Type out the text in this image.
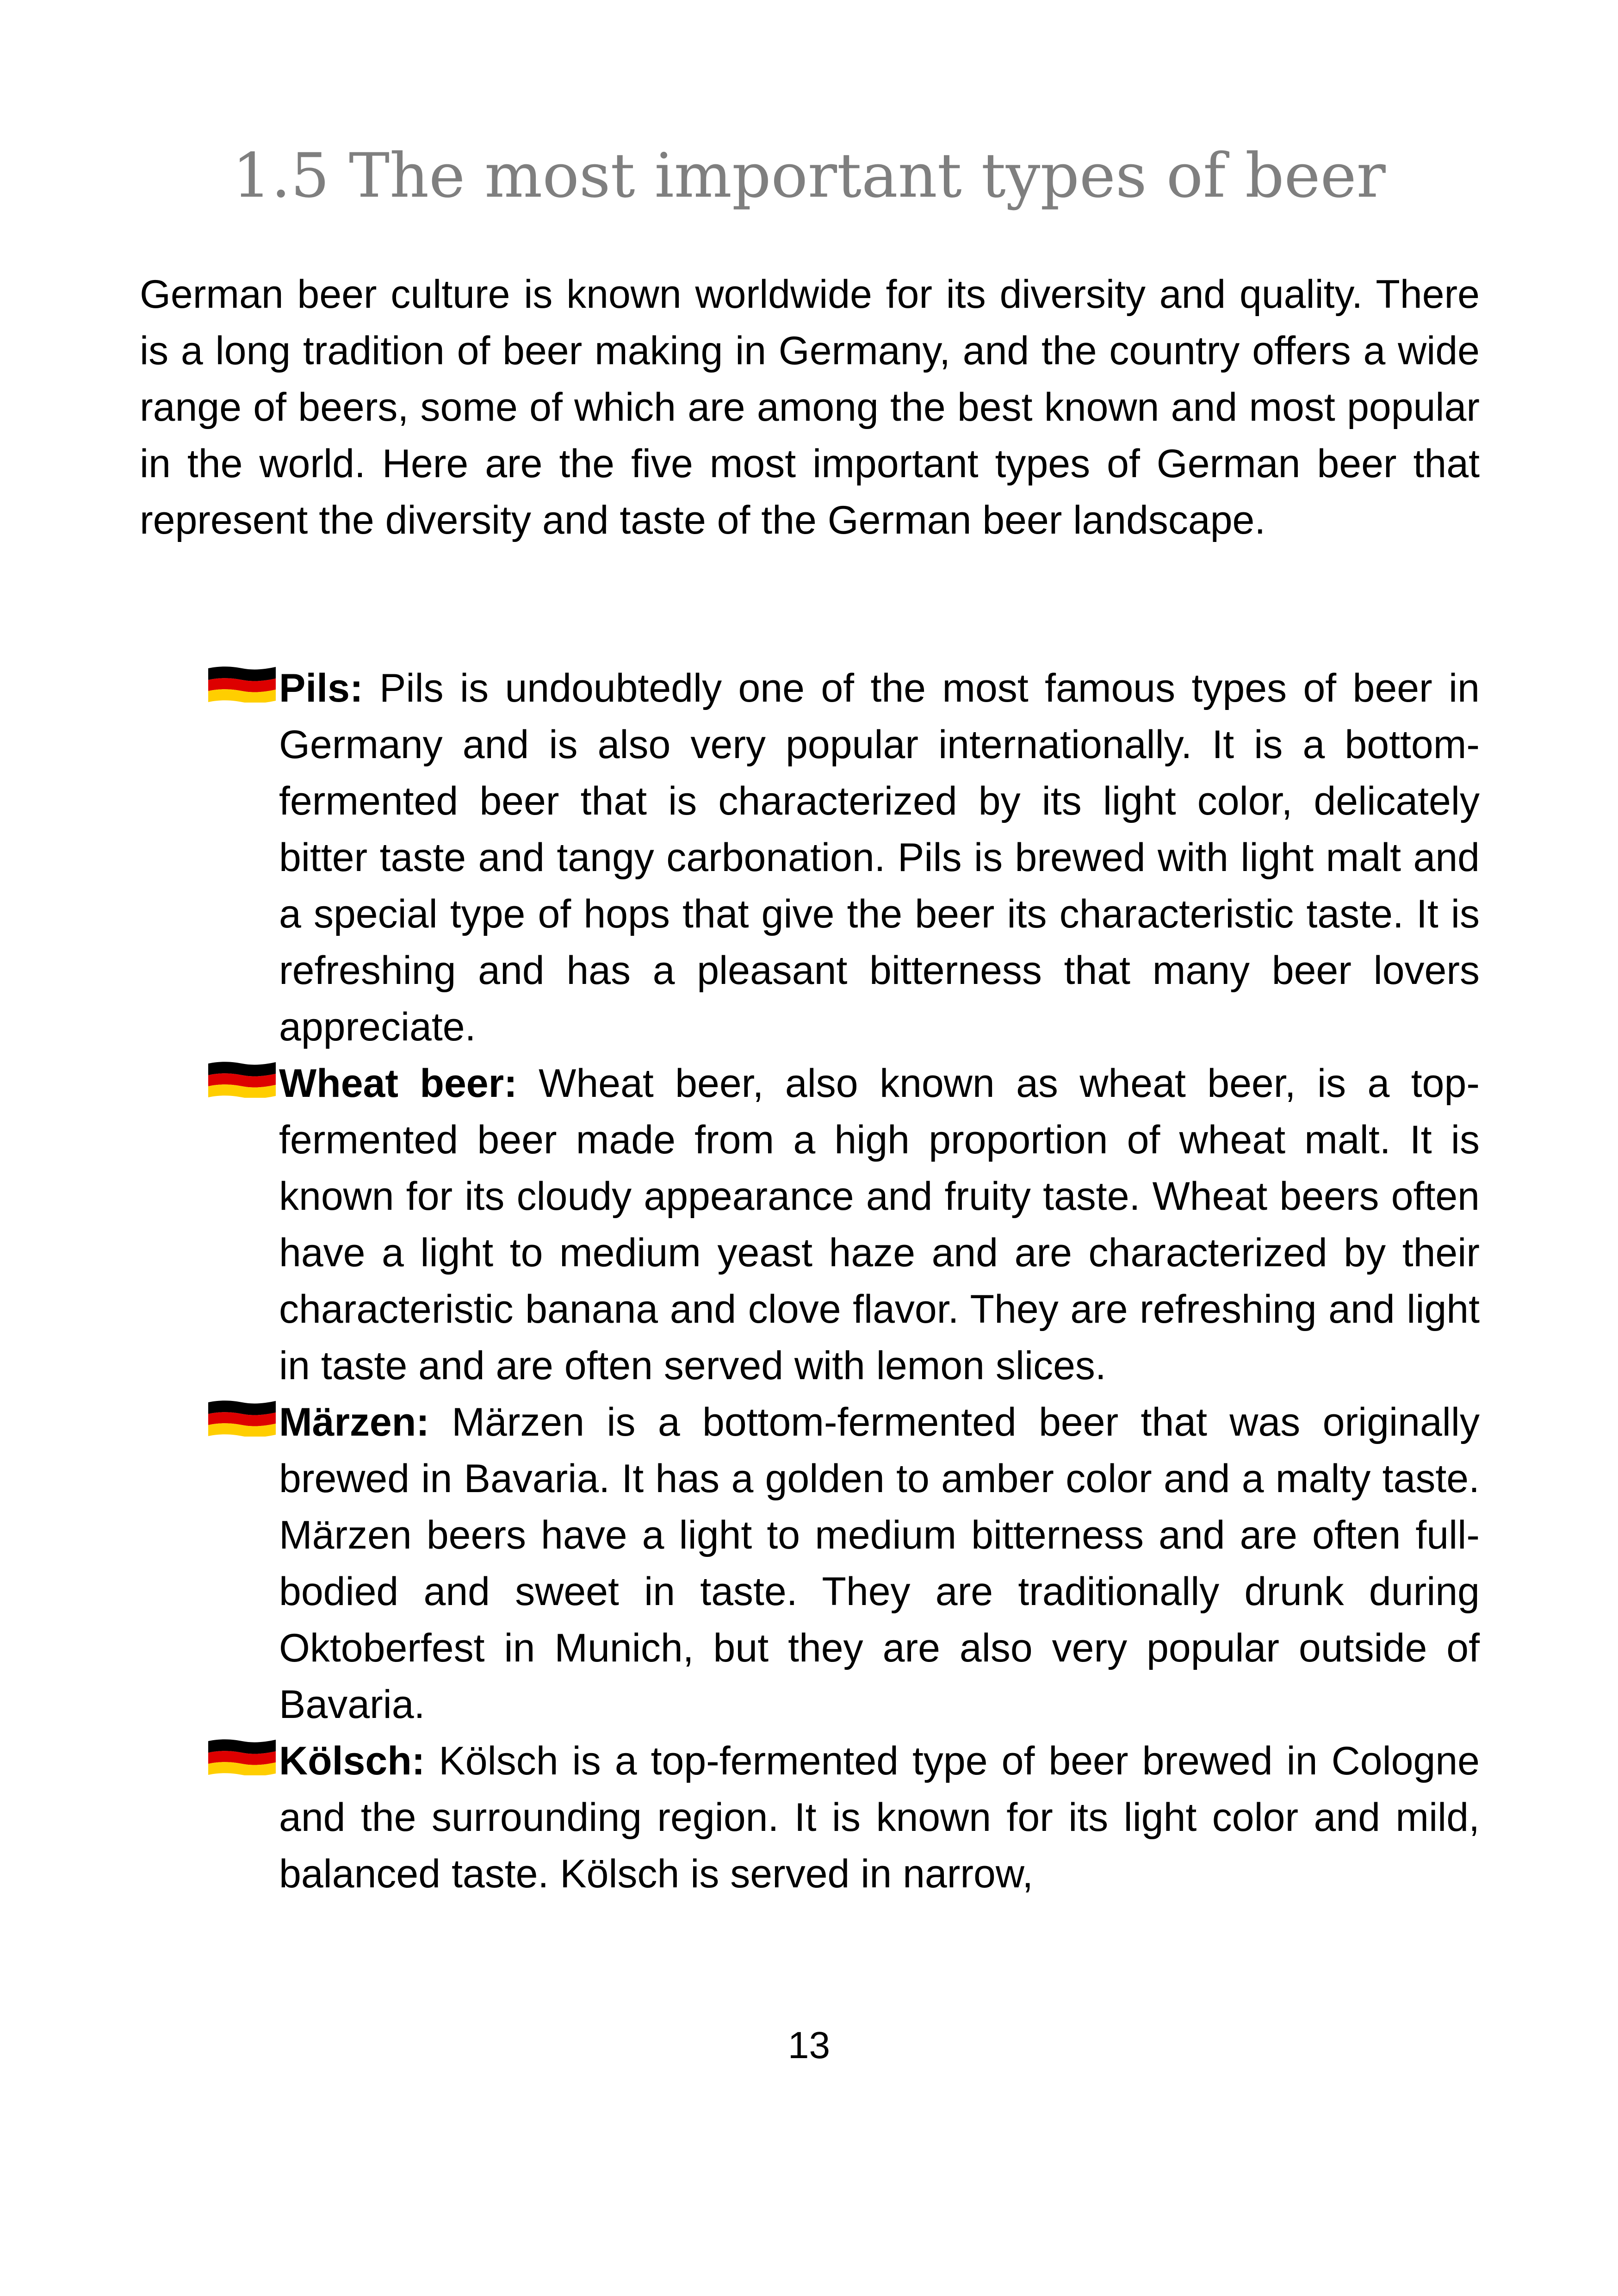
1.5 The most important types of beer

German beer culture is known worldwide for its diversity and quality. There is a long tradition of beer making in Germany, and the country offers a wide range of beers, some of which are among the best known and most popular in the world. Here are the five most important types of German beer that represent the diversity and taste of the German beer landscape.

Pils: Pils is undoubtedly one of the most famous types of beer in Germany and is also very popular internationally. It is a bottom-fermented beer that is characterized by its light color, delicately bitter taste and tangy carbonation. Pils is brewed with light malt and a special type of hops that give the beer its characteristic taste. It is refreshing and has a pleasant bitterness that many beer lovers appreciate.
Wheat beer: Wheat beer, also known as wheat beer, is a top-fermented beer made from a high proportion of wheat malt. It is known for its cloudy appearance and fruity taste. Wheat beers often have a light to medium yeast haze and are characterized by their characteristic banana and clove flavor. They are refreshing and light in taste and are often served with lemon slices.
Märzen: Märzen is a bottom-fermented beer that was originally brewed in Bavaria. It has a golden to amber color and a malty taste. Märzen beers have a light to medium bitterness and are often full-bodied and sweet in taste. They are traditionally drunk during Oktoberfest in Munich, but they are also very popular outside of Bavaria.
Kölsch: Kölsch is a top-fermented type of beer brewed in Cologne and the surrounding region. It is known for its light color and mild, balanced taste. Kölsch is served in narrow,
13
